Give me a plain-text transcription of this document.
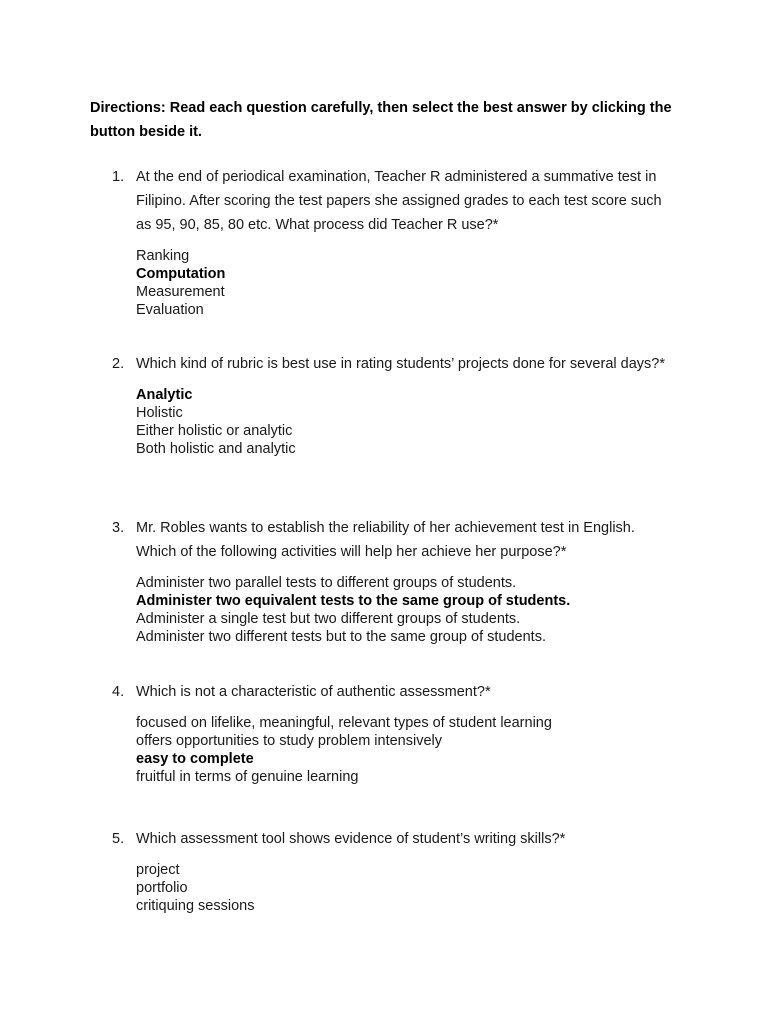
Directions: Read each question carefully, then select the best answer by clicking the button beside it.
1. At the end of periodical examination, Teacher R administered a summative test in Filipino. After scoring the test papers she assigned grades to each test score such as 95, 90, 85, 80 etc. What process did Teacher R use?*
Ranking
Computation
Measurement
Evaluation
2. Which kind of rubric is best use in rating students’ projects done for several days?*
Analytic
Holistic
Either holistic or analytic
Both holistic and analytic
3. Mr. Robles wants to establish the reliability of her achievement test in English. Which of the following activities will help her achieve her purpose?*
Administer two parallel tests to different groups of students.
Administer two equivalent tests to the same group of students.
Administer a single test but two different groups of students.
Administer two different tests but to the same group of students.
4. Which is not a characteristic of authentic assessment?*
focused on lifelike, meaningful, relevant types of student learning
offers opportunities to study problem intensively
easy to complete
fruitful in terms of genuine learning
5. Which assessment tool shows evidence of student’s writing skills?*
project
portfolio
critiquing sessions
